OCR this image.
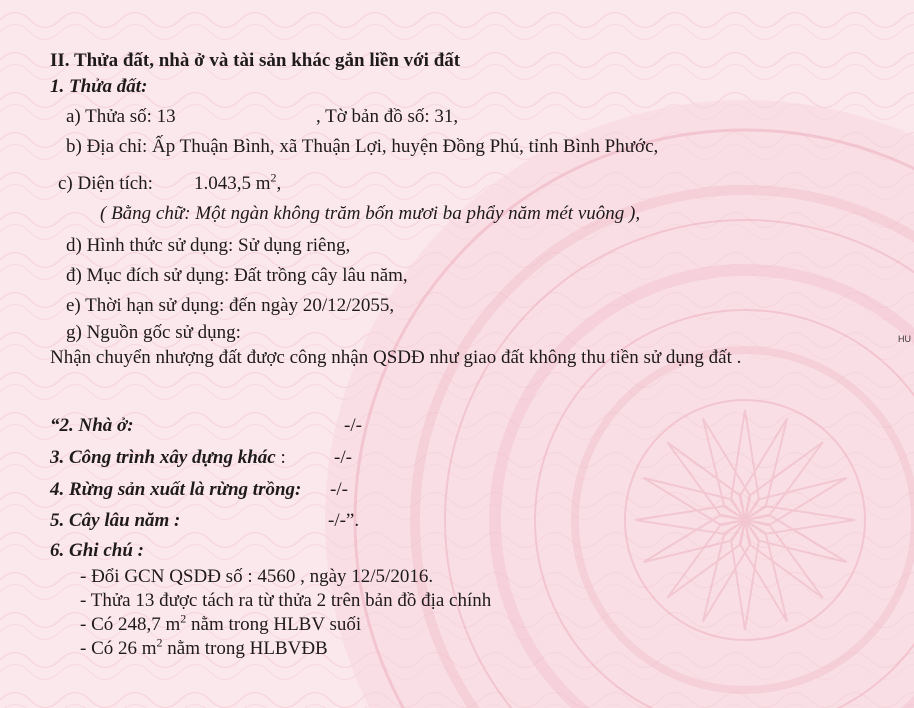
II. Thửa đất, nhà ở và tài sản khác gắn liền với đất
1. Thửa đất:
a) Thửa số: 13	, Tờ bản đồ số: 31,
b) Địa chỉ: Ấp Thuận Bình, xã Thuận Lợi, huyện Đồng Phú, tỉnh Bình Phước,
c) Diện tích: 1.043,5 $m^2$,
( Bằng chữ: Một ngàn không trăm bốn mươi ba phẩy năm mét vuông ),
d) Hình thức sử dụng: Sử dụng riêng,
đ) Mục đích sử dụng: Đất trồng cây lâu năm,
e) Thời hạn sử dụng: đến ngày 20/12/2055,
g) Nguồn gốc sử dụng:
Nhận chuyển nhượng đất được công nhận QSDĐ như giao đất không thu tiền sử dụng đất .
“2. Nhà ở:	-/-
3. Công trình xây dựng khác :	-/-
4. Rừng sản xuất là rừng trồng: -/-
5. Cây lâu năm :	-/-”.
6. Ghi chú :
- Đổi GCN QSDĐ số : 4560 , ngày 12/5/2016.
- Thửa 13 được tách ra từ thửa 2 trên bản đồ địa chính
- Có 248,7 $m^2$ nằm trong HLBV suối
- Có 26 $m^2$ nằm trong HLBVĐB
HU
